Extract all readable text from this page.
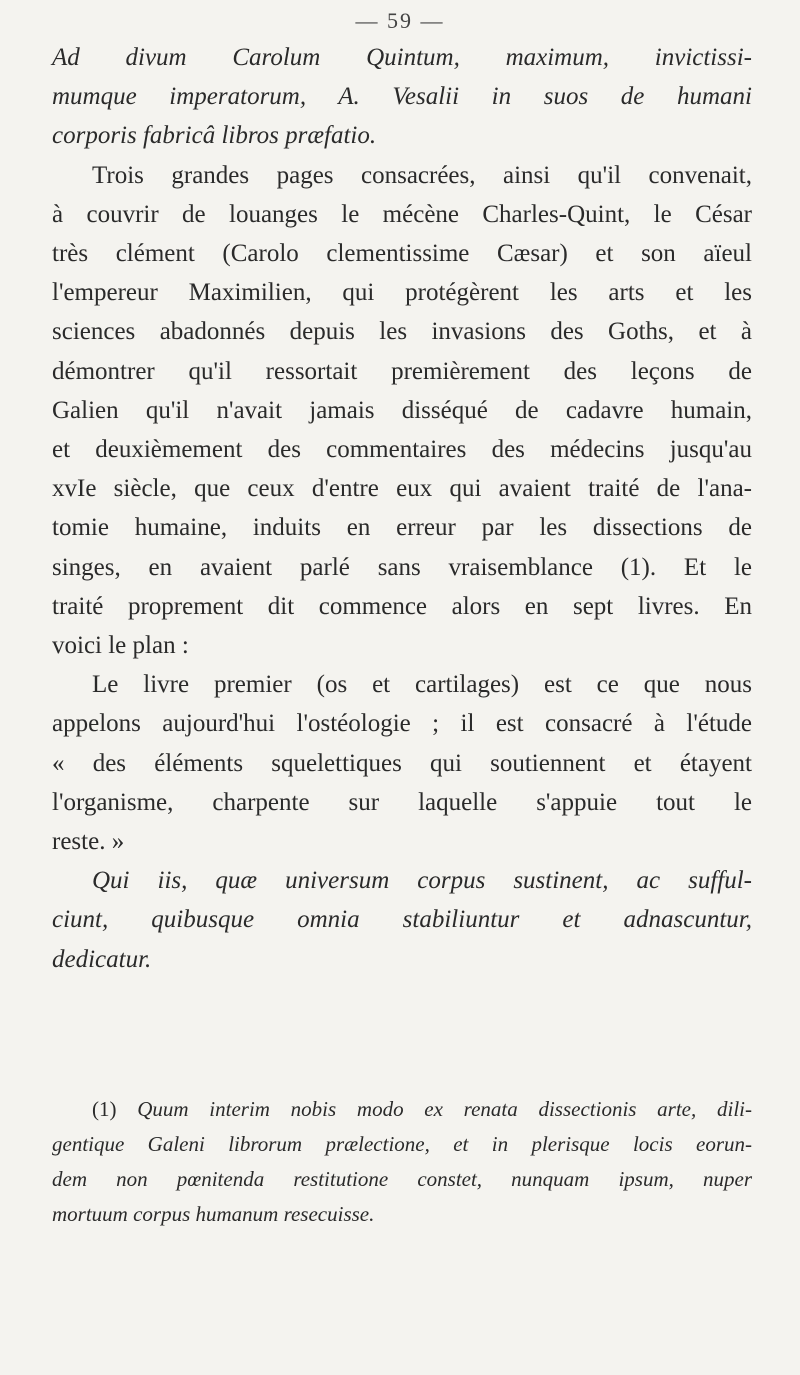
— 59 —
Ad divum Carolum Quintum, maximum, invictissi-
mumque imperatorum, A. Vesalii in suos de humani
corporis fabricâ libros præfatio.
Trois grandes pages consacrées, ainsi qu'il convenait,
à couvrir de louanges le mécène Charles-Quint, le César
très clément (Carolo clementissime Cæsar) et son aïeul
l'empereur Maximilien, qui protégèrent les arts et les
sciences abadonnés depuis les invasions des Goths, et à
démontrer qu'il ressortait premièrement des leçons de
Galien qu'il n'avait jamais disséqué de cadavre humain,
et deuxièmement des commentaires des médecins jusqu'au
xvIe siècle, que ceux d'entre eux qui avaient traité de l'ana-
tomie humaine, induits en erreur par les dissections de
singes, en avaient parlé sans vraisemblance (1). Et le
traité proprement dit commence alors en sept livres. En
voici le plan :
Le livre premier (os et cartilages) est ce que nous
appelons aujourd'hui l'ostéologie ; il est consacré à l'étude
« des éléments squelettiques qui soutiennent et étayent
l'organisme, charpente sur laquelle s'appuie tout le
reste. »
Qui iis, quæ universum corpus sustinent, ac sufful-
ciunt, quibusque omnia stabiliuntur et adnascuntur,
dedicatur.
(1) Quum interim nobis modo ex renata dissectionis arte, dili-
gentique Galeni librorum prælectione, et in plerisque locis eorun-
dem non pœnitenda restitutione constet, nunquam ipsum, nuper
mortuum corpus humanum resecuisse.
